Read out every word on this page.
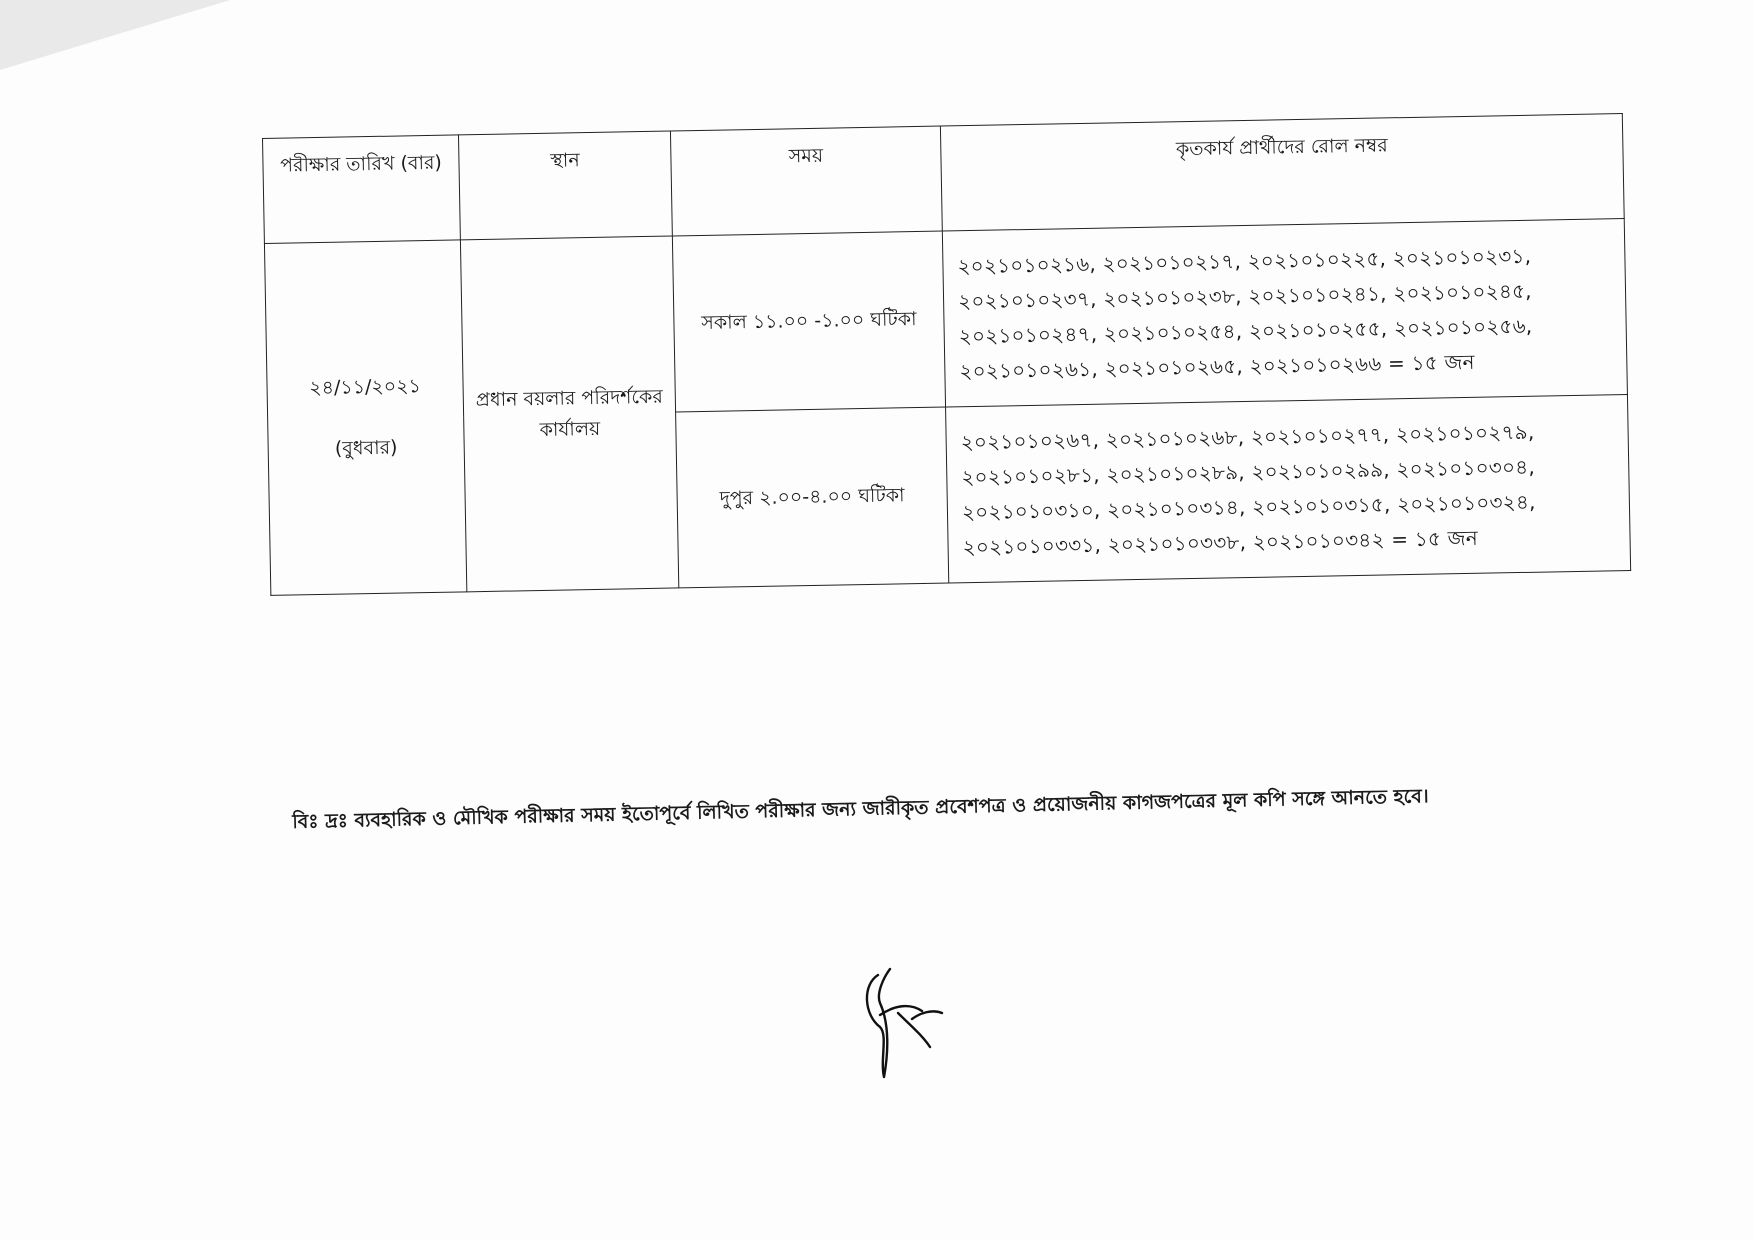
পরীক্ষার তারিখ (বার)	স্থান	সময়	কৃতকার্য প্রার্থীদের রোল নম্বর

২৪/১১/২০২১
(বুধবার)	প্রধান বয়লার পরিদর্শকের কার্যালয়	সকাল ১১.০০ -১.০০ ঘটিকা	২০২১০১০২১৬, ২০২১০১০২১৭, ২০২১০১০২২৫, ২০২১০১০২৩১, ২০২১০১০২৩৭, ২০২১০১০২৩৮, ২০২১০১০২৪১, ২০২১০১০২৪৫, ২০২১০১০২৪৭, ২০২১০১০২৫৪, ২০২১০১০২৫৫, ২০২১০১০২৫৬, ২০২১০১০২৬১, ২০২১০১০২৬৫, ২০২১০১০২৬৬ = ১৫ জন
		দুপুর ২.০০-৪.০০ ঘটিকা	২০২১০১০২৬৭, ২০২১০১০২৬৮, ২০২১০১০২৭৭, ২০২১০১০২৭৯, ২০২১০১০২৮১, ২০২১০১০২৮৯, ২০২১০১০২৯৯, ২০২১০১০৩০৪, ২০২১০১০৩১০, ২০২১০১০৩১৪, ২০২১০১০৩১৫, ২০২১০১০৩২৪, ২০২১০১০৩৩১, ২০২১০১০৩৩৮, ২০২১০১০৩৪২ = ১৫ জন
বিঃ দ্রঃ ব্যবহারিক ও মৌখিক পরীক্ষার সময় ইতোপূর্বে লিখিত পরীক্ষার জন্য জারীকৃত প্রবেশপত্র ও প্রয়োজনীয় কাগজপত্রের মূল কপি সঙ্গে আনতে হবে।
